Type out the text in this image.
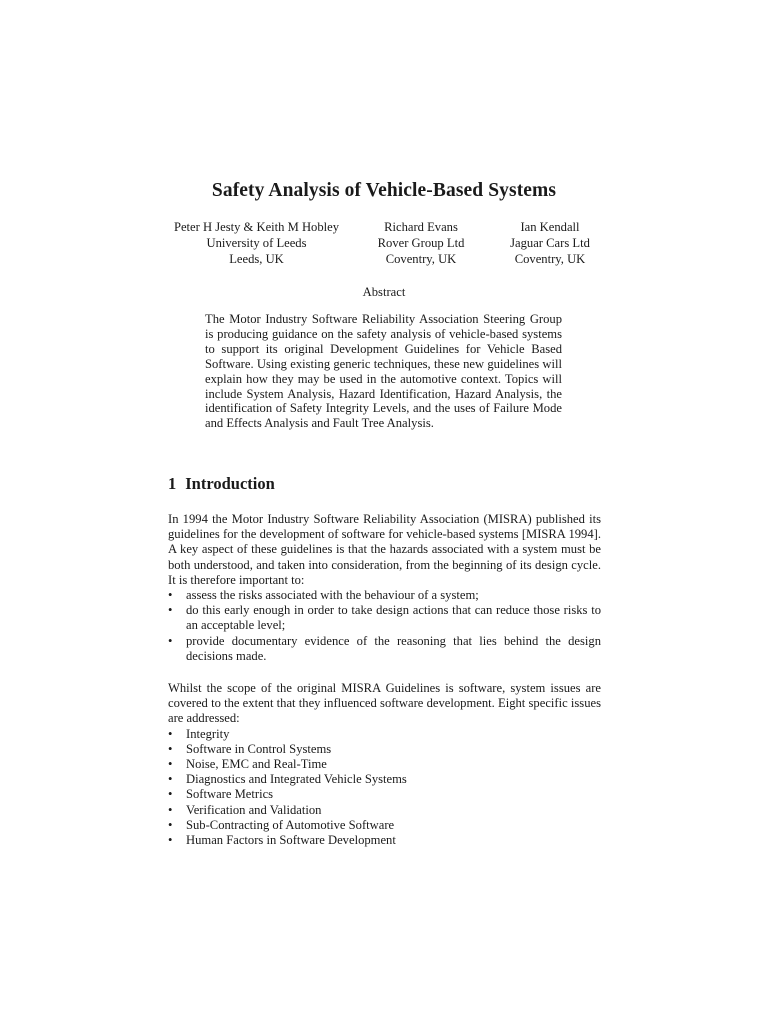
Safety Analysis of Vehicle-Based Systems
Peter H Jesty & Keith M Hobley
University of Leeds
Leeds, UK
Richard Evans
Rover Group Ltd
Coventry, UK
Ian Kendall
Jaguar Cars Ltd
Coventry, UK
Abstract

The Motor Industry Software Reliability Association Steering Group is producing guidance on the safety analysis of vehicle-based systems to support its original Development Guidelines for Vehicle Based Software. Using existing generic techniques, these new guidelines will explain how they may be used in the automotive context. Topics will include System Analysis, Hazard Identification, Hazard Analysis, the identification of Safety Integrity Levels, and the uses of Failure Mode and Effects Analysis and Fault Tree Analysis.

1 Introduction

In 1994 the Motor Industry Software Reliability Association (MISRA) published its guidelines for the development of software for vehicle-based systems [MISRA 1994]. A key aspect of these guidelines is that the hazards associated with a system must be both understood, and taken into consideration, from the beginning of its design cycle. It is therefore important to:

• assess the risks associated with the behaviour of a system;
• do this early enough in order to take design actions that can reduce those risks to an acceptable level;
• provide documentary evidence of the reasoning that lies behind the design decisions made.

Whilst the scope of the original MISRA Guidelines is software, system issues are covered to the extent that they influenced software development. Eight specific issues are addressed:

• Integrity
• Software in Control Systems
• Noise, EMC and Real-Time
• Diagnostics and Integrated Vehicle Systems
• Software Metrics
• Verification and Validation
• Sub-Contracting of Automotive Software
• Human Factors in Software Development
